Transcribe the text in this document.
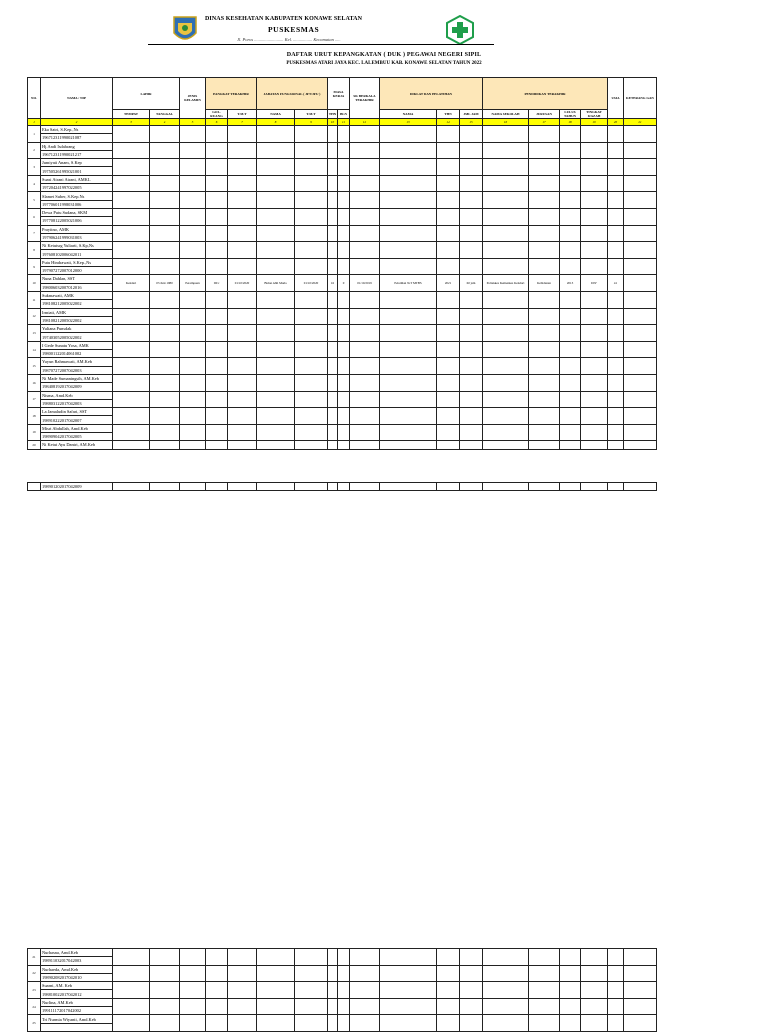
DINAS KESEHATAN KABUPATEN KONAWE SELATAN
PUSKESMAS
Jl. Poros .......................... Kel. ................. Kecamatan .....
DAFTAR URUT KEPANGKATAN ( DUK ) PEGAWAI NEGERI SIPIL
PUSKESMAS ATARI JAYA KEC. LALEMBUU KAB. KONAWE SELATAN TAHUN 2022
NO.	NAMA / NIP	LAHIR		JENIS KELAMIN	PANGKAT TERAKHIR		JABATAN FUNGSIONAL ( JFT/JFU )		MASA KERJA		SK BERKALA TERAKHIR	DIKLAT DAN PELATIHAN			PENDIDIKAN TERAKHIR				USIA	KETERANG GAN

		TEMPAT	TANGGAL		GOL. RUANG	T.M.T	NAMA	T.M.T	THN	BLN		NAMA	THN	JML JAM	NAMA SEKOLAH	JURUSAN	LULUS TAHUN	TINGKAT IJAZAH		
1	2	3	4	5	6	7	8	9	10	11	12	13	14	15	16	17	18	19	20	21
1	Eka Satri, S.Kep.,Ns																			
	196712311990021087																			
2	Hj.Andi Isdahrang																			
	196712311990021217																			
3	Jumiyati Anam, S.Kep																			
	197505261995021001																			
4	Suasi Atrani Atrani, AMKL																			
	197204241997022005																			
5	Slamet Suber, S.Kep.Ns																			
	197706011998031006																			
6	Dewa Putu Sudana, SKM																			
	197708122005021006																			
7	Prayitno, AMK																			
	197906241999031003																			
8	Ni Ketutsrg Yuliarti, S.Kp,Ns																			
	197608102006042011																			
9	Putu Hindrawati, S.Kep.,Ns																			
	197907272007012000																			
10	Nuna Dahlan, SST	Kendari	03 Juni 1980	Perempuan	III/c	01/10/2020	Bidan Ahli Muda	01/10/2020	16	0	01/10/2019	Pelatihan ToT MTBS	2021	60 jam	Poltekkes Kemenkes Kendari	Kebidanan	2013	DIV	41	
	198006032007012016																			
11	Sukmawati, AMK																			
	198108212005022002																			
12	Irmiati, AMK																			
	198108212005022002																			
13	Yuliana Punsdak																			
	197403052005022002																			
14	I Gede Sunatu Yosa, AMK																			
	198001122014061002																			
15	Yuyun Rahmawati, AM.Keb																			
	198707272007042003																			
16	Ni Made Sumaningsih, AM.Keb																			
	198408192017042009																			
17	Nisma, Amd.Keb																			
	198803122017042003																			
18	La Jamaludin Safari, SST																			
	198910222017042007																			
19	Misri Abdullah, Amd.Keb																			
	198909042017042005																			
20	Ni Ketut Ayu Dantri, AM.Keb																			
	198901202017042009																			
21	Nurhasna, Amd.Keb																			
	198911032017042003																			
22	Nurhaeda, Amd.Keb																			
	198902082017042010																			
23	Suarni, AM. Keb																			
	198810022017042012																			
24	Nurlina, AM.Keb																			
	199111172017042002																			
25	Tri Nurmia Wiyanti, Amd.Keb																			
